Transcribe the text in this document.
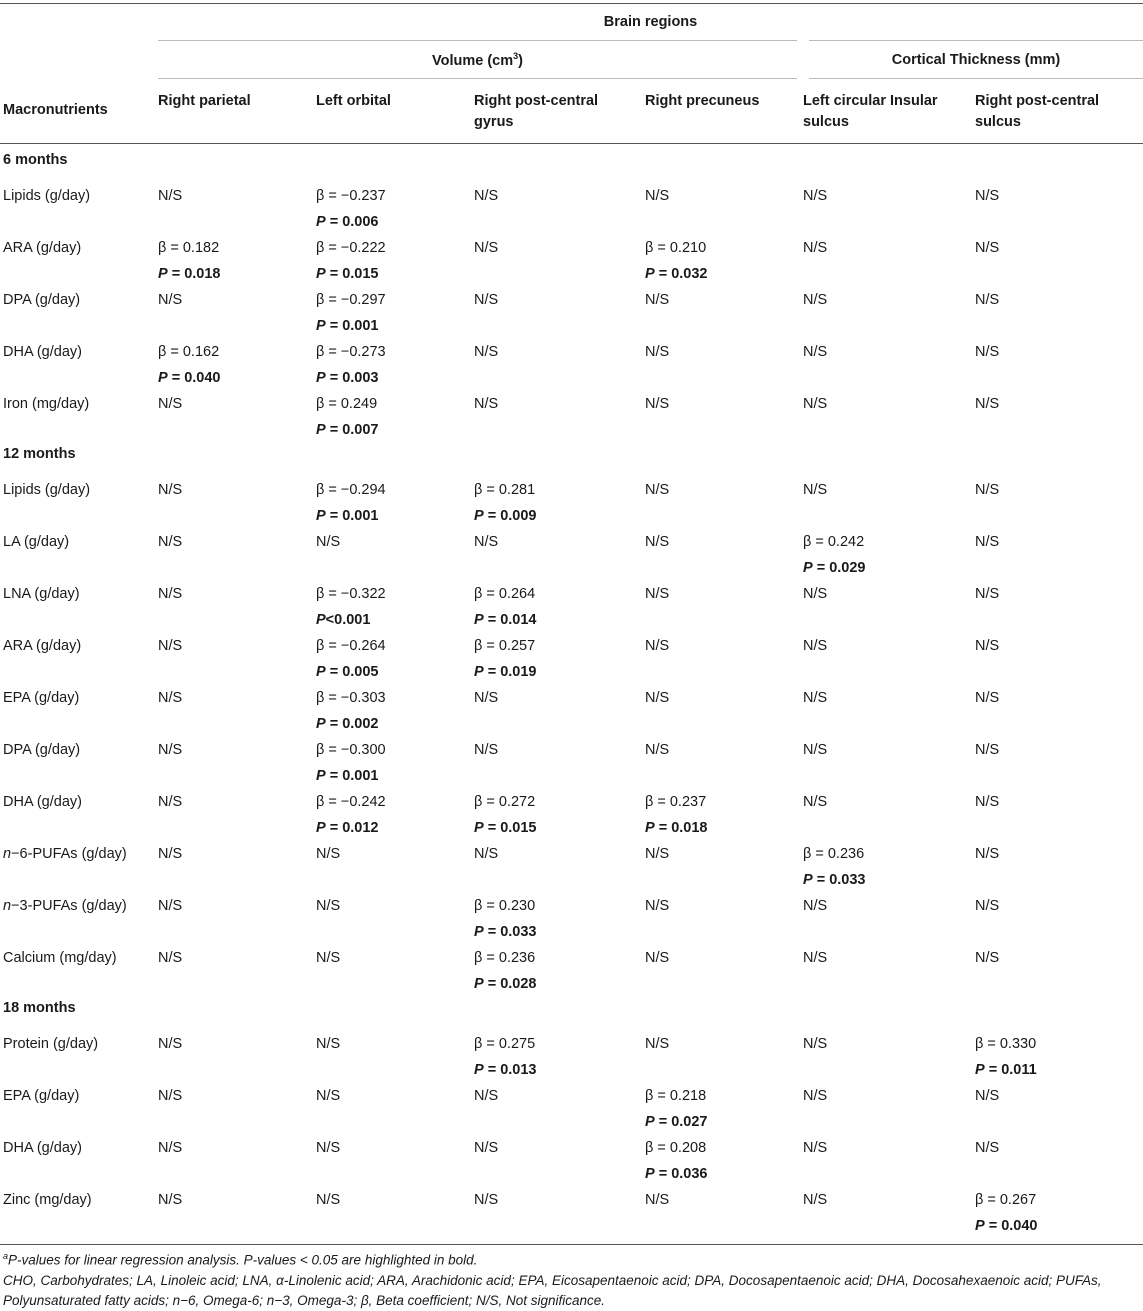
	Brain regions					
	Volume $(cm^3)$				Cortical Thickness (mm)	
Macronutrients	Right parietal	Left orbital	Right post-central gyrus	Right precuneus	Left circular Insular sulcus	Right post-central sulcus
6 months						
Lipids (g/day)	N/S	β = −0.237	N/S	N/S	N/S	N/S
		P = 0.006				
ARA (g/day)	β = 0.182	β = −0.222	N/S	β = 0.210	N/S	N/S
	P = 0.018	P = 0.015		P = 0.032		
DPA (g/day)	N/S	β = −0.297	N/S	N/S	N/S	N/S
		P = 0.001				
DHA (g/day)	β = 0.162	β = −0.273	N/S	N/S	N/S	N/S
	P = 0.040	P = 0.003				
Iron (mg/day)	N/S	β = 0.249	N/S	N/S	N/S	N/S
		P = 0.007				
12 months						
Lipids (g/day)	N/S	β = −0.294	β = 0.281	N/S	N/S	N/S
		P = 0.001	P = 0.009			
LA (g/day)	N/S	N/S	N/S	N/S	β = 0.242	N/S
					P = 0.029	
LNA (g/day)	N/S	β = −0.322	β = 0.264	N/S	N/S	N/S
		P<0.001	P = 0.014			
ARA (g/day)	N/S	β = −0.264	β = 0.257	N/S	N/S	N/S
		P = 0.005	P = 0.019			
EPA (g/day)	N/S	β = −0.303	N/S	N/S	N/S	N/S
		P = 0.002				
DPA (g/day)	N/S	β = −0.300	N/S	N/S	N/S	N/S
		P = 0.001				
DHA (g/day)	N/S	β = −0.242	β = 0.272	β = 0.237	N/S	N/S
		P = 0.012	P = 0.015	P = 0.018		
n−6-PUFAs (g/day)	N/S	N/S	N/S	N/S	β = 0.236	N/S
					P = 0.033	
n−3-PUFAs (g/day)	N/S	N/S	β = 0.230	N/S	N/S	N/S
			P = 0.033			
Calcium (mg/day)	N/S	N/S	β = 0.236	N/S	N/S	N/S
			P = 0.028			
18 months						
Protein (g/day)	N/S	N/S	β = 0.275	N/S	N/S	β = 0.330
			P = 0.013			P = 0.011
EPA (g/day)	N/S	N/S	N/S	β = 0.218	N/S	N/S
				P = 0.027		
DHA (g/day)	N/S	N/S	N/S	β = 0.208	N/S	N/S
				P = 0.036		
Zinc (mg/day)	N/S	N/S	N/S	N/S	N/S	β = 0.267
						P = 0.040

$^a$P-values for linear regression analysis. P-values < 0.05 are highlighted in bold.
CHO, Carbohydrates; LA, Linoleic acid; LNA, α-Linolenic acid; ARA, Arachidonic acid; EPA, Eicosapentaenoic acid; DPA, Docosapentaenoic acid; DHA, Docosahexaenoic acid; PUFAs, Polyunsaturated fatty acids; n−6, Omega-6; n−3, Omega-3; β, Beta coefficient; N/S, Not significance.
